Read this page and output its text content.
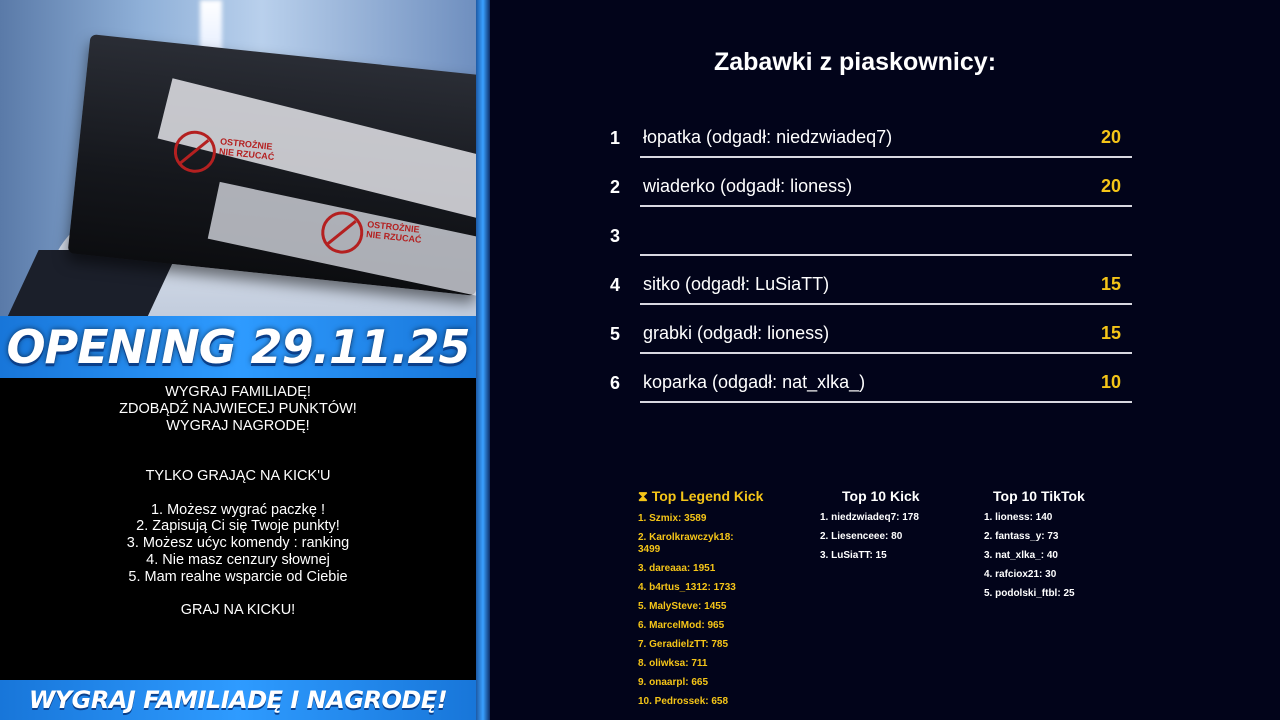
OSTROŻNIE NIE RZUCAĆ
OSTROŻNIE NIE RZUCAĆ
OPENING 29.11.25
WYGRAJ FAMILIADĘ!
ZDOBĄDŹ NAJWIECEJ PUNKTÓW!
WYGRAJ NAGRODĘ!
TYLKO GRAJĄC NA KICK'U
1. Możesz wygrać paczkę !
2. Zapisują Ci się Twoje punkty!
3. Możesz ućyc komendy : ranking
4. Nie masz cenzury słownej
5. Mam realne wsparcie od Ciebie
GRAJ NA KICKU!
WYGRAJ FAMILIADĘ I NAGRODĘ!
Zabawki z piaskownicy:
1 łopatka (odgadł: niedzwiadeq7)	20
2 wiaderko (odgadł: lioness)	20
3
4 sitko (odgadł: LuSiaTT)	15
5 grabki (odgadł: lioness)	15
6 koparka (odgadł: nat_xlka_)	10
⧗ Top Legend Kick
1. Szmix: 3589
2. Karolkrawczyk18:
3499
3. dareaaa: 1951
4. b4rtus_1312: 1733
5. MalySteve: 1455
6. MarcelMod: 965
7. GeradielzTT: 785
8. oliwksa: 711
9. onaarpl: 665
10. Pedrossek: 658
Top 10 Kick
1. niedzwiadeq7: 178
2. Liesenceee: 80
3. LuSiaTT: 15
Top 10 TikTok
1. lioness: 140
2. fantass_y: 73
3. nat_xlka_: 40
4. rafciox21: 30
5. podolski_ftbl: 25
